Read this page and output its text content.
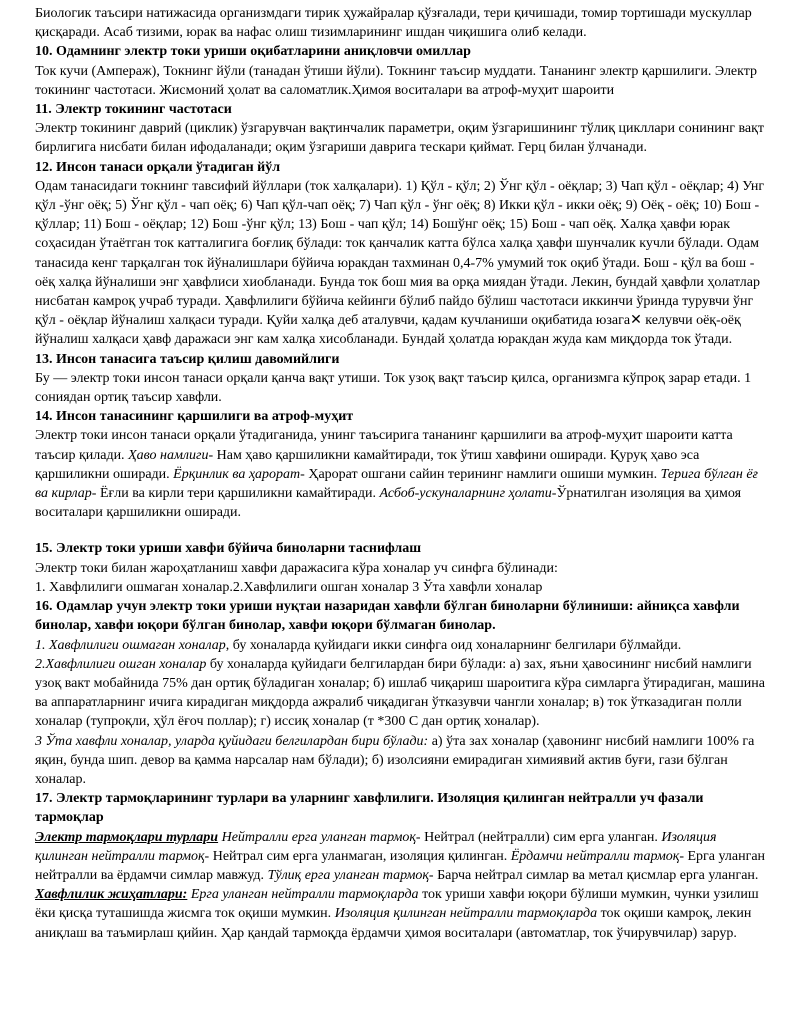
Биологик таъсири натижасида организмдаги тирик ҳужайралар қўзғалади, тери қичишади, томир тортишади мускуллар қисқаради. Асаб тизими, юрак ва нафас олиш тизимларининг ишдан чиқишига олиб келади.

10. Одамнинг электр токи уриши оқибатларини аниқловчи омиллар

Ток кучи (Ампераж), Токнинг йўли (танадан ўтиши йўли). Токнинг таъсир муддати. Тананинг электр қаршилиги. Электр токининг частотаси. Жисмоний ҳолат ва саломатлик.Ҳимоя воситалари ва атроф-муҳит шароити

11. Электр токининг частотаси

Электр токининг даврий (циклик) ўзгарувчан вақтинчалик параметри, оқим ўзгаришининг тўлиқ цикллари сонининг вақт бирлигига нисбати билан ифодаланади; оқим ўзгариши даврига тескари қиймат. Герц билан ўлчанади.

12. Инсон танаси орқали ўтадиган йўл

Одам танасидаги токнинг тавсифий йўллари (ток халқалари). 1) Қўл - қўл; 2) Ўнг қўл - оёқлар; 3) Чап қўл - оёқлар; 4) Унг қўл -ўнг оёқ; 5) Ўнг қўл - чап оёқ; 6) Чап қўл-чап оёқ; 7) Чап қўл - ўнг оёқ; 8) Икки қўл - икки оёқ; 9) Оёқ - оёқ; 10) Бош - қўллар; 11) Бош - оёқлар; 12) Бош -ўнг қўл; 13) Бош - чап қўл; 14) Бошўнг оёқ; 15) Бош - чап оёқ. Халқа ҳавфи юрак соҳасидан ўтаётган ток катталигига боғлиқ бўлади: ток қанчалик катта бўлса халқа ҳавфи шунчалик кучли бўлади. Одам танасида кенг тарқалган ток йўналишлари бўйича юракдан тахминан 0,4-7% умумий ток оқиб ўтади. Бош - қўл ва бош - оёқ халқа йўналиши энг ҳавфлиси хиобланади. Бунда ток бош мия ва орқа миядан ўтади. Лекин, бундай ҳавфли ҳолатлар нисбатан камроқ учраб туради. Ҳавфлилиги бўйича кейинги бўлиб пайдо бўлиш частотаси иккинчи ўринда турувчи ўнг қўл - оёқлар йўналиш халқаси туради. Қуйи халқа деб аталувчи, қадам кучланиши оқибатида юзага✕ келувчи оёқ-оёқ йўналиш халқаси ҳавф даражаси энг кам халқа хисобланади. Бундай ҳолатда юракдан жуда кам миқдорда ток ўтади.

13. Инсон танасига таъсир қилиш давомийлиги

Бу — электр токи инсон танаси орқали қанча вақт утиши. Ток узоқ вақт таъсир қилса, организмга кўпроқ зарар етади. 1 сониядан ортиқ таъсир хавфли.

14. Инсон танасининг қаршилиги ва атроф-муҳит

Электр токи инсон танаси орқали ўтадиганида, унинг таъсирига тананинг қаршилиги ва атроф-муҳит шароити катта таъсир қилади. Ҳаво намлиги- Нам ҳаво қаршиликни камайтиради, ток ўтиш хавфини оширади. Қуруқ ҳаво эса қаршиликни оширади. Ёрқинлик ва ҳарорат- Ҳарорат ошгани сайин терининг намлиги ошиши мумкин. Терига бўлган ёғ ва кирлар- Ёғли ва кирли тери қаршиликни камайтиради. Асбоб-ускуналарнинг ҳолати-Ўрнатилган изоляция ва ҳимоя воситалари қаршиликни оширади.

15. Электр токи уриши хавфи бўйича биноларни таснифлаш

Электр токи билан жароҳатланиш хавфи даражасига кўра хоналар уч синфга бўлинади:

1. Хавфлилиги ошмаган хоналар.2.Хавфлилиги ошган хоналар 3 Ўта хавфли хоналар

16. Одамлар учун электр токи уриши нуқтаи назаридан хавфли бўлган биноларни бўлиниши: айниқса хавфли бинолар, хавфи юқори бўлган бинолар, хавфи юқори бўлмаган бинолар.

1. Хавфлилиги ошмаган хоналар, бу хоналарда қуйидаги икки синфга оид хоналарнинг белгилари бўлмайди.

2.Хавфлилиги ошган хоналар бу хоналарда қуйидаги белгилардан бири бўлади: а) зах, яъни ҳавосининг нисбий намлиги узоқ вакт мобайнида 75% дан ортиқ бўладиган хоналар; б) ишлаб чиқариш шароитига кўра симларга ўтирадиган, машина ва аппаратларнинг ичига кирадиган миқдорда ажралиб чиқадиган ўтказувчи чангли хоналар; в) ток ўтказадиган полли хоналар (тупроқли, ҳўл ёғоч поллар); г) иссиқ хоналар (т *300 С дан ортиқ хоналар).

3 Ўта хавфли хоналар, уларда қуйидаги белгилардан бири бўлади: а) ўта зах хоналар (ҳавонинг нисбий намлиги 100% га яқин, бунда шип. девор ва қамма нарсалар нам бўлади); б) изолсияни емирадиган химиявий актив буғи, гази бўлган хоналар.

17. Электр тармоқларининг турлари ва уларнинг хавфлилиги. Изоляция қилинган нейтралли уч фазали тармоқлар

Электр тармоқлари турлари Нейтралли ерга уланган тармоқ- Нейтрал (нейтралли) сим ерга уланган. Изоляция қилинган нейтралли тармоқ- Нейтрал сим ерга уланмаган, изоляция қилинган. Ёрдамчи нейтралли тармоқ- Ерга уланган нейтралли ва ёрдамчи симлар мавжуд. Тўлиқ ерга уланган тармоқ- Барча нейтрал симлар ва метал қисмлар ерга уланган.

Хавфлилик жиҳатлари: Ерга уланган нейтралли тармоқларда ток уриши хавфи юқори бўлиши мумкин, чунки узилиш ёки қисқа туташишда жисмга ток оқиши мумкин. Изоляция қилинган нейтралли тармоқларда ток оқиши камроқ, лекин аниқлаш ва таъмирлаш қийин. Ҳар қандай тармоқда ёрдамчи ҳимоя воситалари (автоматлар, ток ўчирувчилар) зарур.
